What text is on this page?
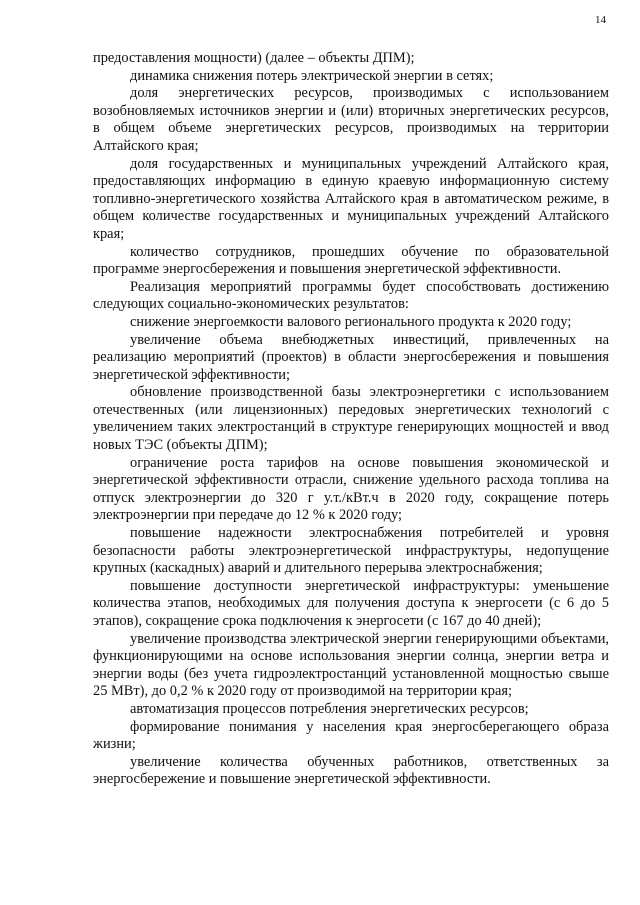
14

предоставления мощности) (далее – объекты ДПМ);

динамика снижения потерь электрической энергии в сетях;

доля энергетических ресурсов, производимых с использованием возобновляемых источников энергии и (или) вторичных энергетических ресурсов, в общем объеме энергетических ресурсов, производимых на территории Алтайского края;

доля государственных и муниципальных учреждений Алтайского края, предоставляющих информацию в единую краевую информационную систему топливно-энергетического хозяйства Алтайского края в автоматическом режиме, в общем количестве государственных и муниципальных учреждений Алтайского края;

количество сотрудников, прошедших обучение по образовательной программе энергосбережения и повышения энергетической эффективности.

Реализация мероприятий программы будет способствовать достижению следующих социально-экономических результатов:

снижение энергоемкости валового регионального продукта к 2020 году;

увеличение объема внебюджетных инвестиций, привлеченных на реализацию мероприятий (проектов) в области энергосбережения и повышения энергетической эффективности;

обновление производственной базы электроэнергетики с использованием отечественных (или лицензионных) передовых энергетических технологий с увеличением таких электростанций в структуре генерирующих мощностей и ввод новых ТЭС (объекты ДПМ);

ограничение роста тарифов на основе повышения экономической и энергетической эффективности отрасли, снижение удельного расхода топлива на отпуск электроэнергии до 320 г у.т./кВт.ч в 2020 году, сокращение потерь электроэнергии при передаче до 12 % к 2020 году;

повышение надежности электроснабжения потребителей и уровня безопасности работы электроэнергетической инфраструктуры, недопущение крупных (каскадных) аварий и длительного перерыва электроснабжения;

повышение доступности энергетической инфраструктуры: уменьшение количества этапов, необходимых для получения доступа к энергосети (с 6 до 5 этапов), сокращение срока подключения к энергосети (с 167 до 40 дней);

увеличение производства электрической энергии генерирующими объектами, функционирующими на основе использования энергии солнца, энергии ветра и энергии воды (без учета гидроэлектростанций установленной мощностью свыше 25 МВт), до 0,2 % к 2020 году от производимой на территории края;

автоматизация процессов потребления энергетических ресурсов;

формирование понимания у населения края энергосберегающего образа жизни;

увеличение количества обученных работников, ответственных за энергосбережение и повышение энергетической эффективности.
